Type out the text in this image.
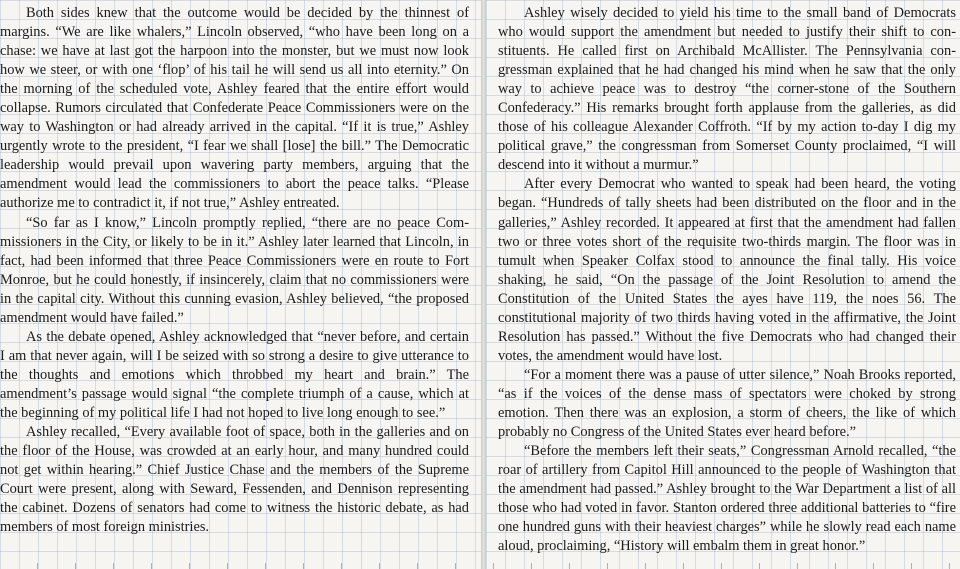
Both sides knew that the outcome would be decided by the thinnest of margins. “We are like whalers,” Lincoln observed, “who have been long on a chase: we have at last got the harpoon into the monster, but we must now look how we steer, or with one ‘flop’ of his tail he will send us all into eternity.” On the morning of the scheduled vote, Ashley feared that the entire effort would collapse. Rumors circulated that Confederate Peace Commissioners were on the way to Washington or had already arrived in the capital. “If it is true,” Ashley urgently wrote to the president, “I fear we shall [lose] the bill.” The Democratic leadership would prevail upon wavering party members, arguing that the amendment would lead the commissioners to abort the peace talks. “Please authorize me to contradict it, if not true,” Ashley entreated.

“So far as I know,” Lincoln promptly replied, “there are no peace Commissioners in the City, or likely to be in it.” Ashley later learned that Lincoln, in fact, had been informed that three Peace Commissioners were en route to Fort Monroe, but he could honestly, if insincerely, claim that no commissioners were in the capital city. Without this cunning evasion, Ashley believed, “the proposed amendment would have failed.”

As the debate opened, Ashley acknowledged that “never before, and certain I am that never again, will I be seized with so strong a desire to give utterance to the thoughts and emotions which throbbed my heart and brain.” The amendment’s passage would signal “the complete triumph of a cause, which at the beginning of my political life I had not hoped to live long enough to see.”

Ashley recalled, “Every available foot of space, both in the galleries and on the floor of the House, was crowded at an early hour, and many hundred could not get within hearing.” Chief Justice Chase and the members of the Supreme Court were present, along with Seward, Fessenden, and Dennison representing the cabinet. Dozens of senators had come to witness the historic debate, as had members of most foreign ministries.

Ashley wisely decided to yield his time to the small band of Democrats who would support the amendment but needed to justify their shift to constituents. He called first on Archibald McAllister. The Pennsylvania congressman explained that he had changed his mind when he saw that the only way to achieve peace was to destroy “the corner-stone of the Southern Confederacy.” His remarks brought forth applause from the galleries, as did those of his colleague Alexander Coffroth. “If by my action to-day I dig my political grave,” the congressman from Somerset County proclaimed, “I will descend into it without a murmur.”

After every Democrat who wanted to speak had been heard, the voting began. “Hundreds of tally sheets had been distributed on the floor and in the galleries,” Ashley recorded. It appeared at first that the amendment had fallen two or three votes short of the requisite two-thirds margin. The floor was in tumult when Speaker Colfax stood to announce the final tally. His voice shaking, he said, “On the passage of the Joint Resolution to amend the Constitution of the United States the ayes have 119, the noes 56. The constitutional majority of two thirds having voted in the affirmative, the Joint Resolution has passed.” Without the five Democrats who had changed their votes, the amendment would have lost.

“For a moment there was a pause of utter silence,” Noah Brooks reported, “as if the voices of the dense mass of spectators were choked by strong emotion. Then there was an explosion, a storm of cheers, the like of which probably no Congress of the United States ever heard before.”

“Before the members left their seats,” Congressman Arnold recalled, “the roar of artillery from Capitol Hill announced to the people of Washington that the amendment had passed.” Ashley brought to the War Department a list of all those who had voted in favor. Stanton ordered three additional batteries to “fire one hundred guns with their heaviest charges” while he slowly read each name aloud, proclaiming, “History will embalm them in great honor.”
